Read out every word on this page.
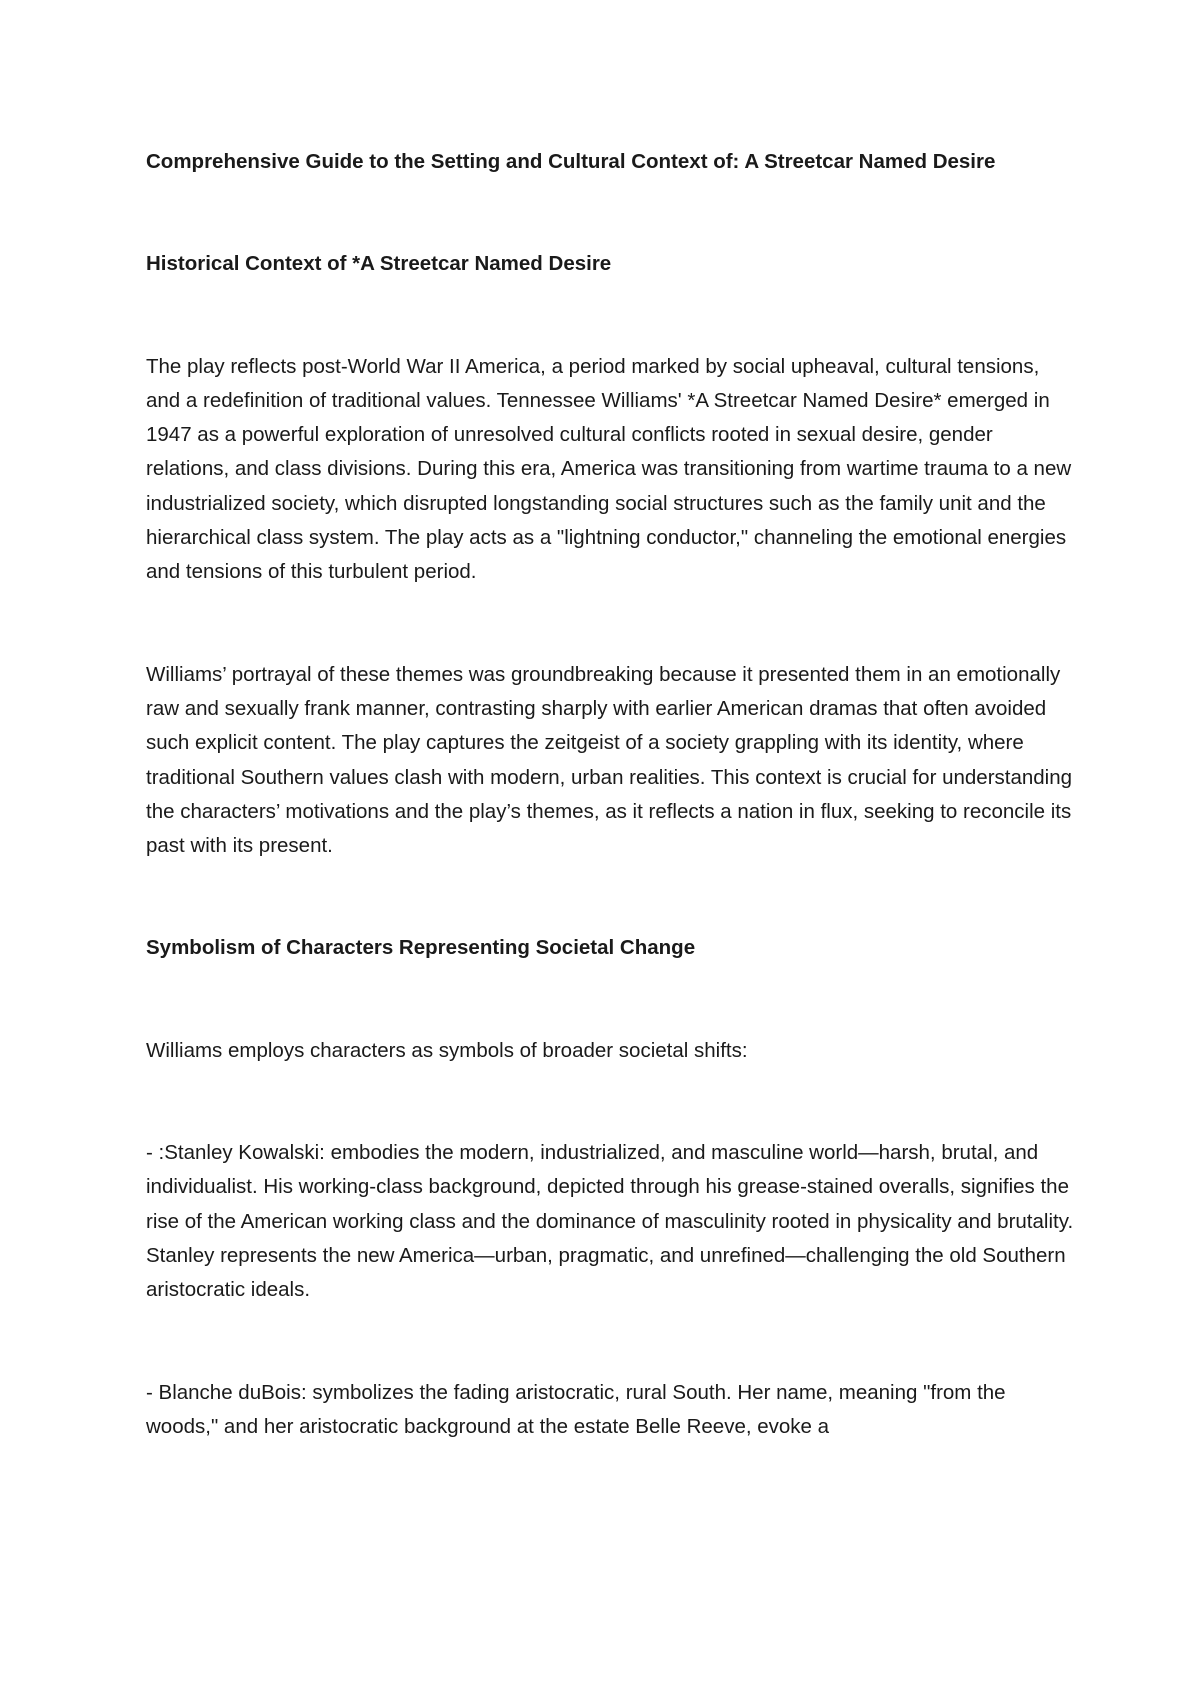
Comprehensive Guide to the Setting and Cultural Context of: A Streetcar Named Desire

Historical Context of *A Streetcar Named Desire

The play reflects post-World War II America, a period marked by social upheaval, cultural tensions, and a redefinition of traditional values. Tennessee Williams' *A Streetcar Named Desire* emerged in 1947 as a powerful exploration of unresolved cultural conflicts rooted in sexual desire, gender relations, and class divisions. During this era, America was transitioning from wartime trauma to a new industrialized society, which disrupted longstanding social structures such as the family unit and the hierarchical class system. The play acts as a "lightning conductor," channeling the emotional energies and tensions of this turbulent period.

Williams’ portrayal of these themes was groundbreaking because it presented them in an emotionally raw and sexually frank manner, contrasting sharply with earlier American dramas that often avoided such explicit content. The play captures the zeitgeist of a society grappling with its identity, where traditional Southern values clash with modern, urban realities. This context is crucial for understanding the characters’ motivations and the play’s themes, as it reflects a nation in flux, seeking to reconcile its past with its present.

Symbolism of Characters Representing Societal Change

Williams employs characters as symbols of broader societal shifts:

- :Stanley Kowalski: embodies the modern, industrialized, and masculine world—harsh, brutal, and individualist. His working-class background, depicted through his grease-stained overalls, signifies the rise of the American working class and the dominance of masculinity rooted in physicality and brutality. Stanley represents the new America—urban, pragmatic, and unrefined—challenging the old Southern aristocratic ideals.

- Blanche duBois: symbolizes the fading aristocratic, rural South. Her name, meaning "from the woods," and her aristocratic background at the estate Belle Reeve, evoke a
